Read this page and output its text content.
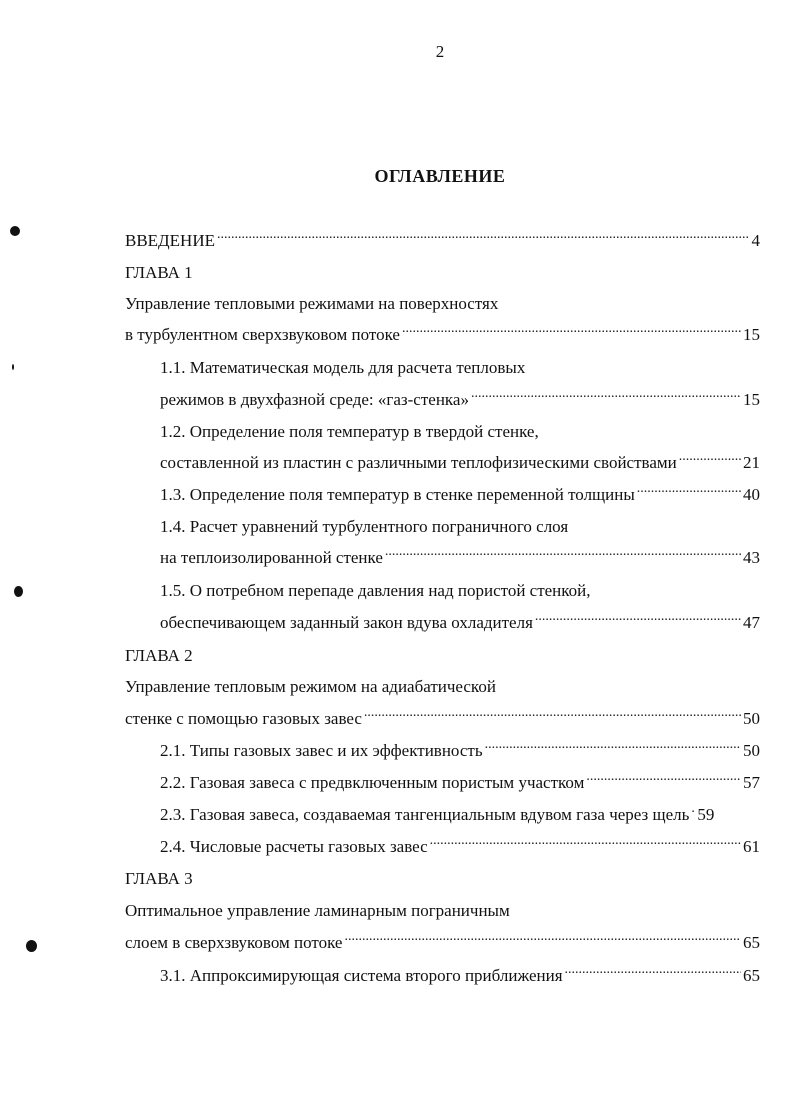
2
ОГЛАВЛЕНИЕ
ВВЕДЕНИЕ .....	4
ГЛАВА 1
Управление тепловыми режимами на поверхностях
в турбулентном сверхзвуковом потоке .....	15
1.1. Математическая модель для расчета тепловых
режимов в двухфазной среде: «газ-стенка» .....	15
1.2. Определение поля температур в твердой стенке,
составленной из пластин с различными теплофизическими свойствами .....	21
1.3. Определение поля температур в стенке переменной толщины .....	40
1.4. Расчет уравнений турбулентного пограничного слоя
на теплоизолированной стенке .....	43
1.5. О потребном перепаде давления над пористой стенкой,
обеспечивающем заданный закон вдува охладителя .....	47
ГЛАВА 2
Управление тепловым режимом на адиабатической
стенке с помощью газовых завес .....	50
2.1. Типы газовых завес и их эффективность .....	50
2.2. Газовая завеса с предвключенным пористым участком .....	57
2.3. Газовая завеса, создаваемая тангенциальным вдувом газа через щель ..... 59
2.4. Числовые расчеты газовых завес .....	61
ГЛАВА 3
Оптимальное управление ламинарным пограничным
слоем в сверхзвуковом потоке .....	65
3.1. Аппроксимирующая система второго приближения .....	65
